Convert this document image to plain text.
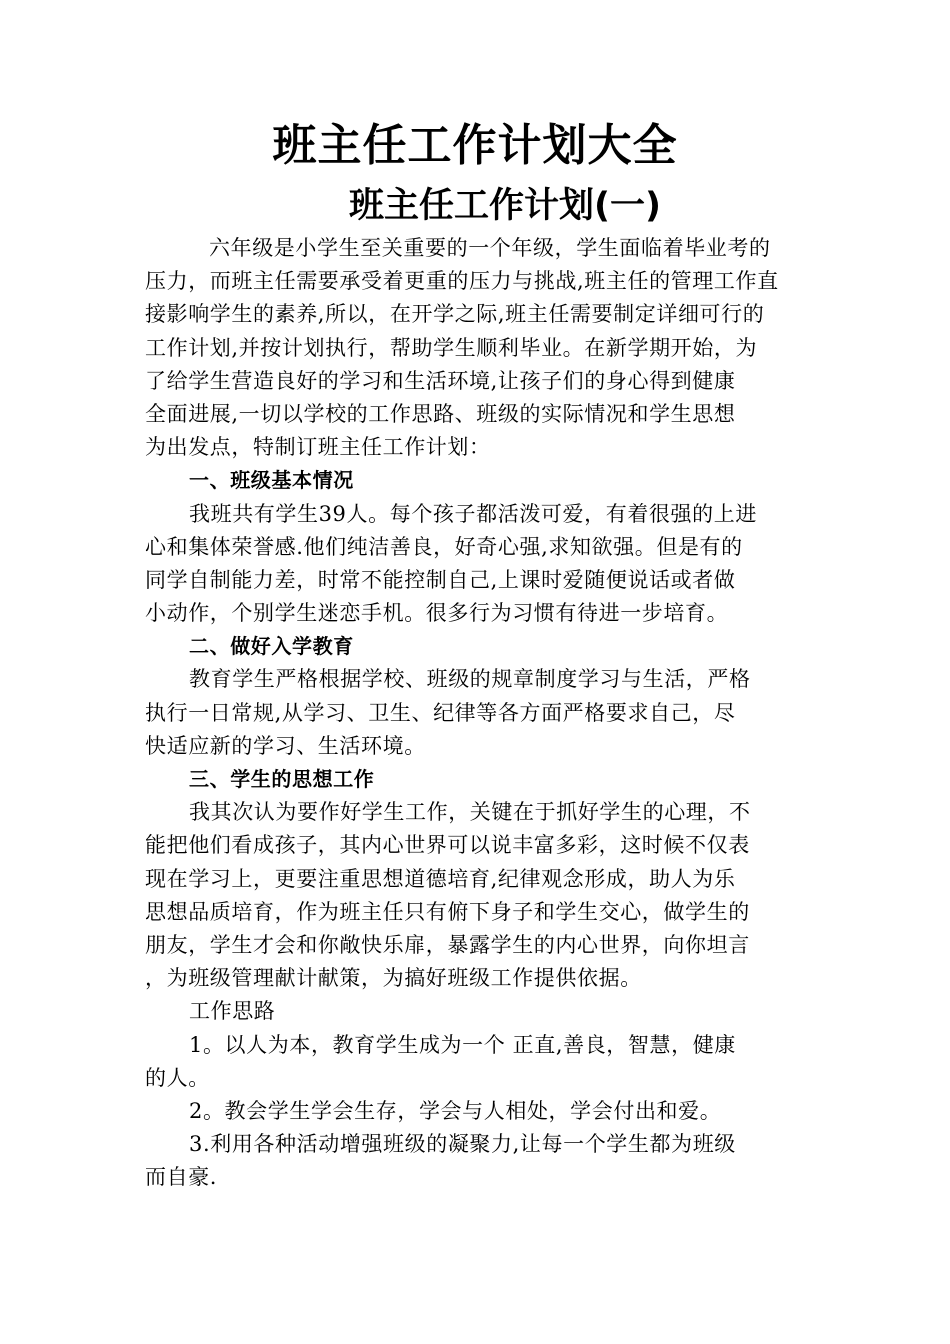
班主任工作计划大全
班主任工作计划(一)
六年级是小学生至关重要的一个年级，学生面临着毕业考的
压力，而班主任需要承受着更重的压力与挑战,班主任的管理工作直
接影响学生的素养,所以，在开学之际,班主任需要制定详细可行的
工作计划,并按计划执行，帮助学生顺利毕业。在新学期开始，为
了给学生营造良好的学习和生活环境,让孩子们的身心得到健康
全面进展,一切以学校的工作思路、班级的实际情况和学生思想
为出发点，特制订班主任工作计划：
一、班级基本情况
我班共有学生39人。每个孩子都活泼可爱，有着很强的上进
心和集体荣誉感.他们纯洁善良，好奇心强,求知欲强。但是有的
同学自制能力差，时常不能控制自己,上课时爱随便说话或者做
小动作，个别学生迷恋手机。很多行为习惯有待进一步培育。
二、做好入学教育
教育学生严格根据学校、班级的规章制度学习与生活，严格
执行一日常规,从学习、卫生、纪律等各方面严格要求自己，尽
快适应新的学习、生活环境。
三、学生的思想工作
我其次认为要作好学生工作，关键在于抓好学生的心理，不
能把他们看成孩子，其内心世界可以说丰富多彩，这时候不仅表
现在学习上，更要注重思想道德培育,纪律观念形成，助人为乐
思想品质培育，作为班主任只有俯下身子和学生交心，做学生的
朋友，学生才会和你敞快乐扉，暴露学生的内心世界，向你坦言
，为班级管理献计献策，为搞好班级工作提供依据。
工作思路
1。以人为本，教育学生成为一个 正直,善良，智慧，健康
的人。
2。教会学生学会生存，学会与人相处，学会付出和爱。
3.利用各种活动增强班级的凝聚力,让每一个学生都为班级
而自豪.
